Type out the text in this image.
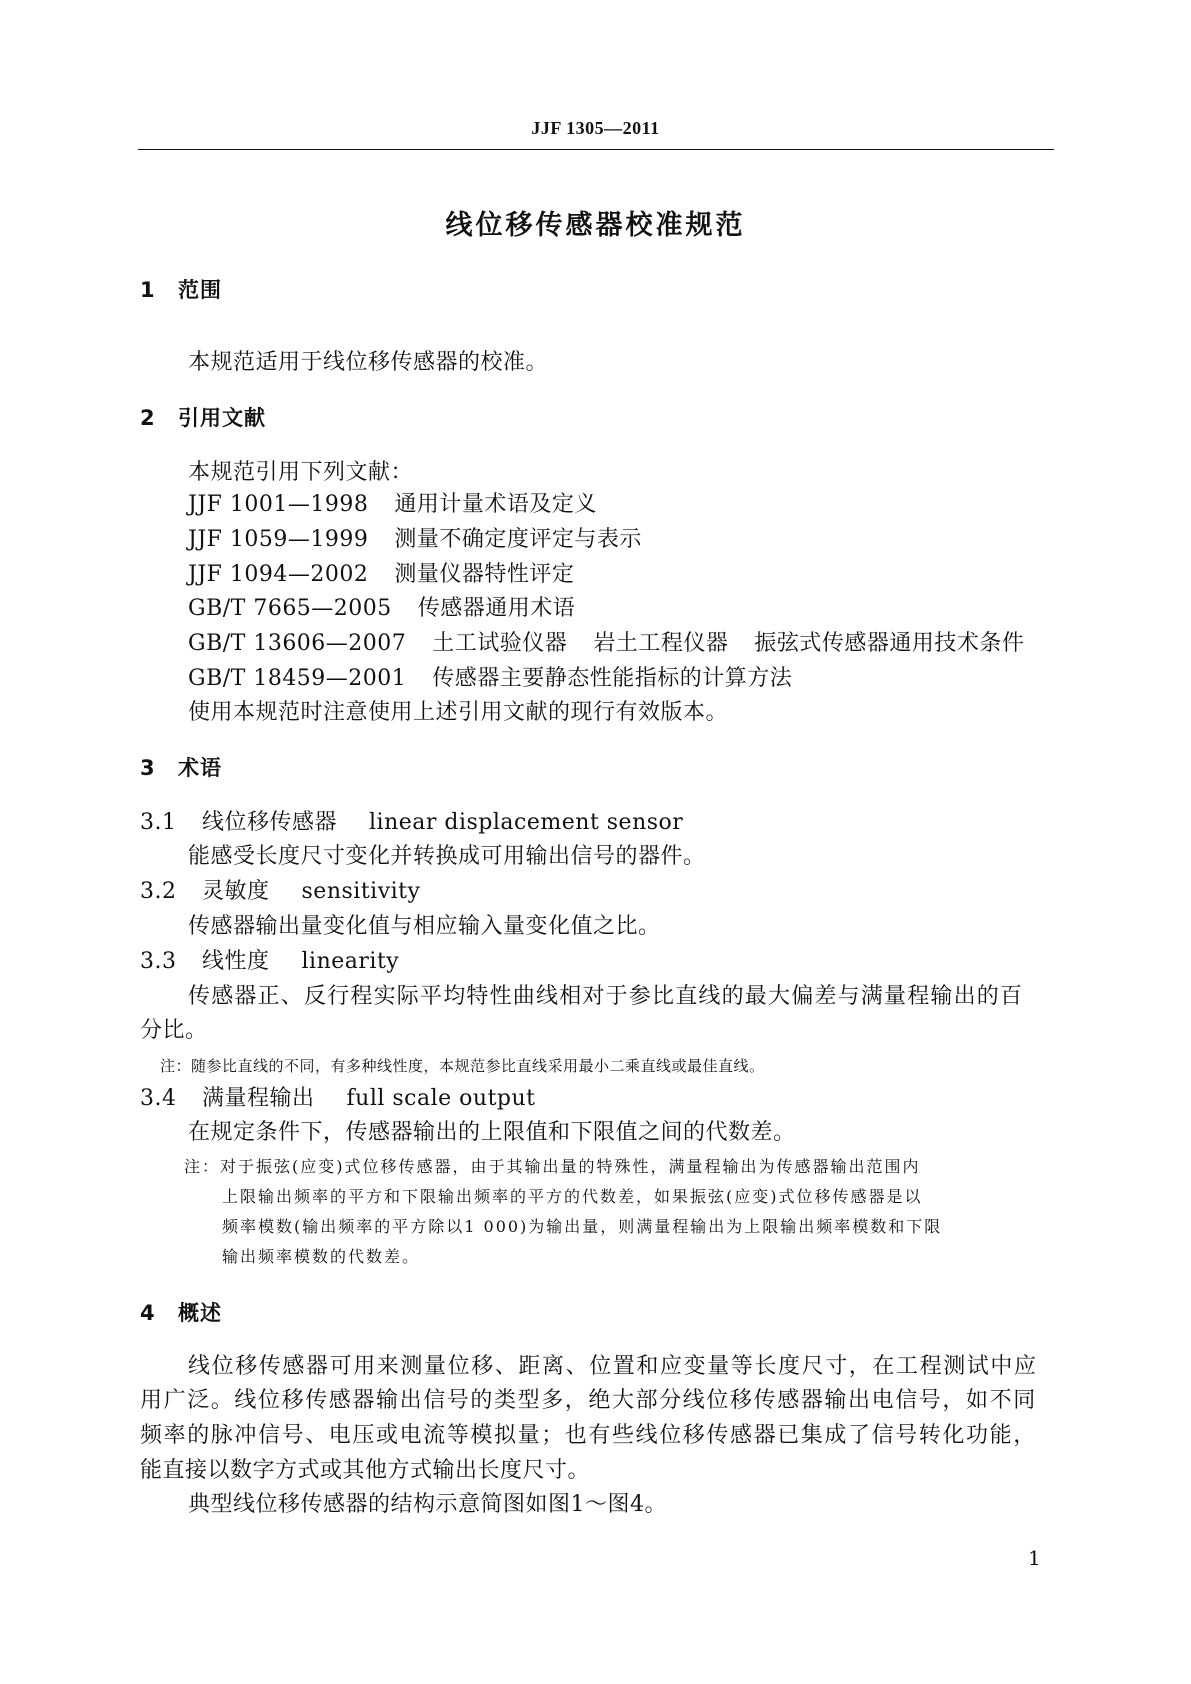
JJF 1305—2011
线位移传感器校准规范
1 范围
本规范适用于线位移传感器的校准。
2 引用文献
本规范引用下列文献：
JJF 1001—1998 通用计量术语及定义
JJF 1059—1999 测量不确定度评定与表示
JJF 1094—2002 测量仪器特性评定
GB/T 7665—2005 传感器通用术语
GB/T 13606—2007 土工试验仪器 岩土工程仪器 振弦式传感器通用技术条件
GB/T 18459—2001 传感器主要静态性能指标的计算方法
使用本规范时注意使用上述引用文献的现行有效版本。
3 术语
3.1 线位移传感器 linear displacement sensor
能感受长度尺寸变化并转换成可用输出信号的器件。
3.2 灵敏度 sensitivity
传感器输出量变化值与相应输入量变化值之比。
3.3 线性度 linearity
传感器正、反行程实际平均特性曲线相对于参比直线的最大偏差与满量程输出的百
分比。
注：随参比直线的不同，有多种线性度，本规范参比直线采用最小二乘直线或最佳直线。
3.4 满量程输出 full scale output
在规定条件下，传感器输出的上限值和下限值之间的代数差。
注：对于振弦(应变)式位移传感器，由于其输出量的特殊性，满量程输出为传感器输出范围内
上限输出频率的平方和下限输出频率的平方的代数差，如果振弦(应变)式位移传感器是以
频率模数(输出频率的平方除以1 000)为输出量，则满量程输出为上限输出频率模数和下限
输出频率模数的代数差。
4 概述
线位移传感器可用来测量位移、距离、位置和应变量等长度尺寸，在工程测试中应
用广泛。线位移传感器输出信号的类型多，绝大部分线位移传感器输出电信号，如不同
频率的脉冲信号、电压或电流等模拟量；也有些线位移传感器已集成了信号转化功能，
能直接以数字方式或其他方式输出长度尺寸。
典型线位移传感器的结构示意简图如图1～图4。
1
